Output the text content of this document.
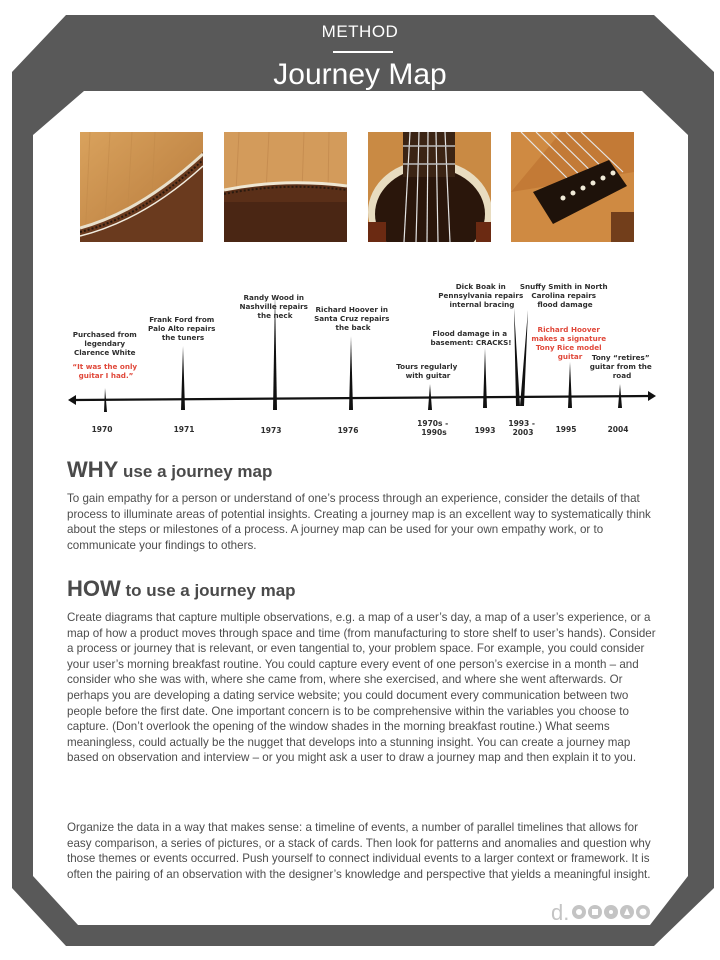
METHOD
Journey Map
Purchased from legendary Clarence White “It was the only guitar I had.”
Frank Ford from Palo Alto repairs the tuners
Randy Wood in Nashville repairs the neck
Richard Hoover in Santa Cruz repairs the back
Tours regularly with guitar
Flood damage in a basement: CRACKS!
Dick Boak in Pennsylvania repairs internal bracing
Snuffy Smith in North Carolina repairs flood damage
Richard Hoover makes a signature Tony Rice model guitar	Tony “retires” guitar from the road
1970	1971	1973	1976
1970s - 1990s	1993
1993 - 2003	1995	2004
WHY use a journey map

To gain empathy for a person or understand of one’s process through an experience, consider the details of that process to illuminate areas of potential insights. Creating a journey map is an excellent way to systematically think about the steps or milestones of a process. A journey map can be used for your own empathy work, or to communicate your findings to others.

HOW to use a journey map

Create diagrams that capture multiple observations, e.g. a map of a user’s day, a map of a user’s experience, or a map of how a product moves through space and time (from manufacturing to store shelf to user’s hands). Consider a process or journey that is relevant, or even tangential to, your problem space. For example, you could consider your user’s morning breakfast routine. You could capture every event of one person’s exercise in a month – and consider who she was with, where she came from, where she exercised, and where she went afterwards. Or perhaps you are developing a dating service website; you could document every communication between two people before the first date. One important concern is to be comprehensive within the variables you choose to capture. (Don’t overlook the opening of the window shades in the morning breakfast routine.) What seems meaningless, could actually be the nugget that develops into a stunning insight. You can create a journey map based on observation and interview – or you might ask a user to draw a journey map and then explain it to you.

Organize the data in a way that makes sense: a timeline of events, a number of parallel timelines that allows for easy comparison, a series of pictures, or a stack of cards. Then look for patterns and anomalies and question why those themes or events occurred. Push yourself to connect individual events to a larger context or framework. It is often the pairing of an observation with the designer’s knowledge and perspective that yields a meaningful insight.

d.
